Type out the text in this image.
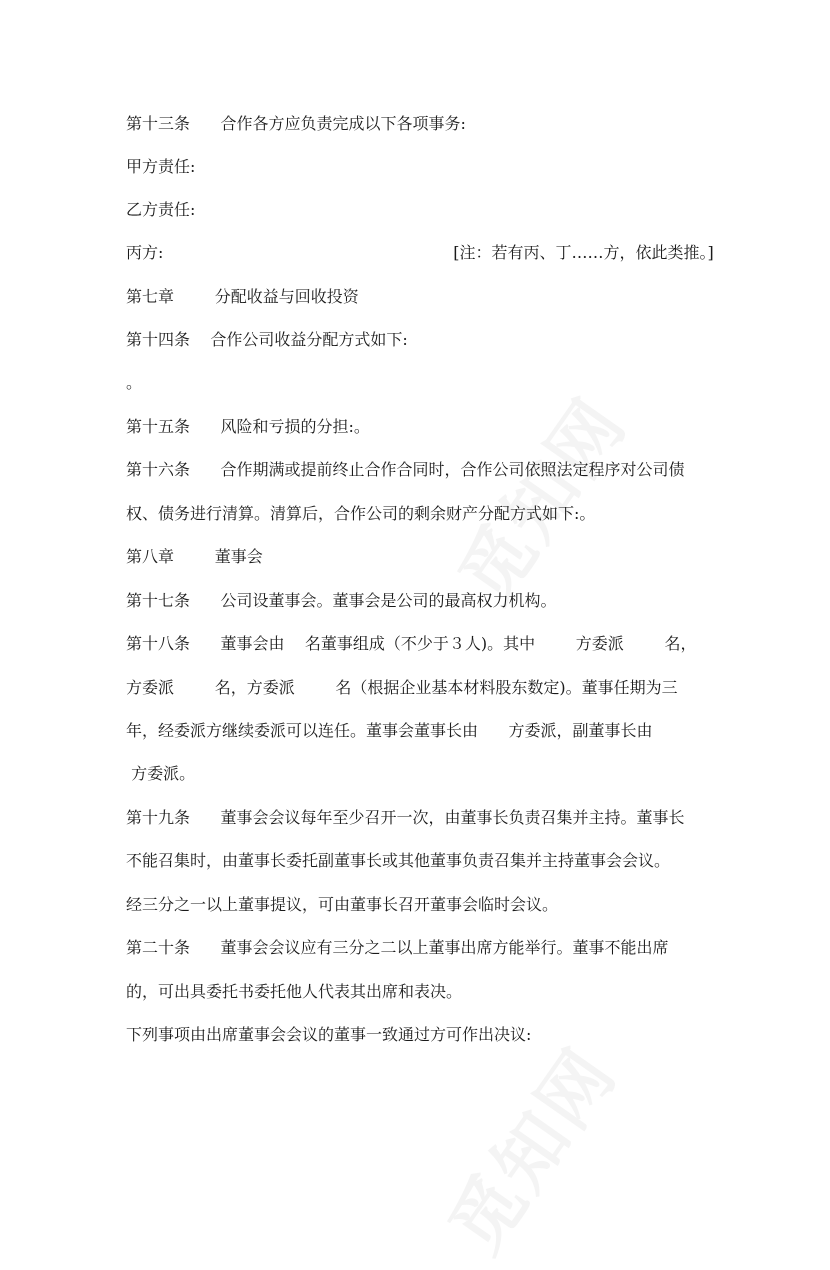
第十三条      合作各方应负责完成以下各项事务:
甲方责任:
乙方责任:
丙方:                                                         [注：若有丙、丁……方，依此类推。]
第七章        分配收益与回收投资
第十四条    合作公司收益分配方式如下:
。
第十五条      风险和亏损的分担:。
第十六条      合作期满或提前终止合作合同时，合作公司依照法定程序对公司债
权、债务进行清算。清算后，合作公司的剩余财产分配方式如下:。
第八章        董事会
第十七条      公司设董事会。董事会是公司的最高权力机构。
第十八条      董事会由    名董事组成（不少于３人)。其中        方委派        名，
方委派        名，方委派        名（根据企业基本材料股东数定)。董事任期为三
年，经委派方继续委派可以连任。董事会董事长由      方委派，副董事长由
方委派。
第十九条      董事会会议每年至少召开一次，由董事长负责召集并主持。董事长
不能召集时，由董事长委托副董事长或其他董事负责召集并主持董事会会议。
经三分之一以上董事提议，可由董事长召开董事会临时会议。
第二十条      董事会会议应有三分之二以上董事出席方能举行。董事不能出席
的，可出具委托书委托他人代表其出席和表决。
下列事项由出席董事会会议的董事一致通过方可作出决议:
